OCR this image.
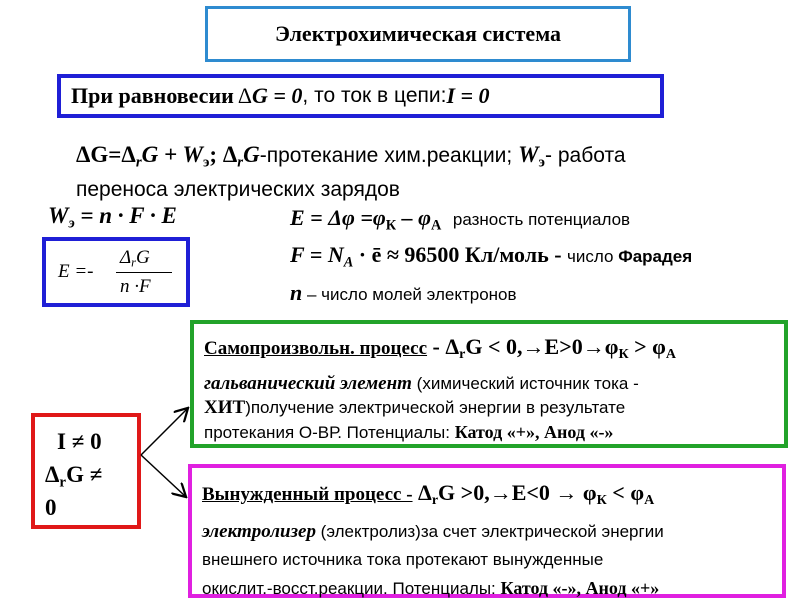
Электрохимическая система
При равновесии Δ G = 0 , то ток в цепи: I = 0
$\Delta G=\Delta_rG + W_э$; $\Delta_rG$-протекание хим.реакции; $W_э-$ работа
переноса электрических зарядов
$W_э = n \cdot F \cdot E$	$E = \Delta\varphi =\varphi_К - \varphi_А$ разность потенциалов
$F = N_A$ · ē ≈ 96500 Кл/моль - число Фарадея
n – число молей электронов
E =-
$\Delta_rG$
n ·F
I ≠ 0
$\Delta_rG$ ≠
0
Самопроизвольн. процесс - $\Delta_rG < 0,\to E>0\to\varphi_К > \varphi_А$
гальванический элемент (химический источник тока -
ХИТ)получение электрической энергии в результате
протекания О-ВР. Потенциалы: Катод «+», Анод «-»
Вынужденный процесс - $\Delta_rG >0,\to E<0 \to \varphi_К < \varphi_А$
электролизер (электролиз)за счет электрической энергии
внешнего источника тока протекают вынужденные
окислит.-восст.реакции. Потенциалы: Катод «-», Анод «+»
